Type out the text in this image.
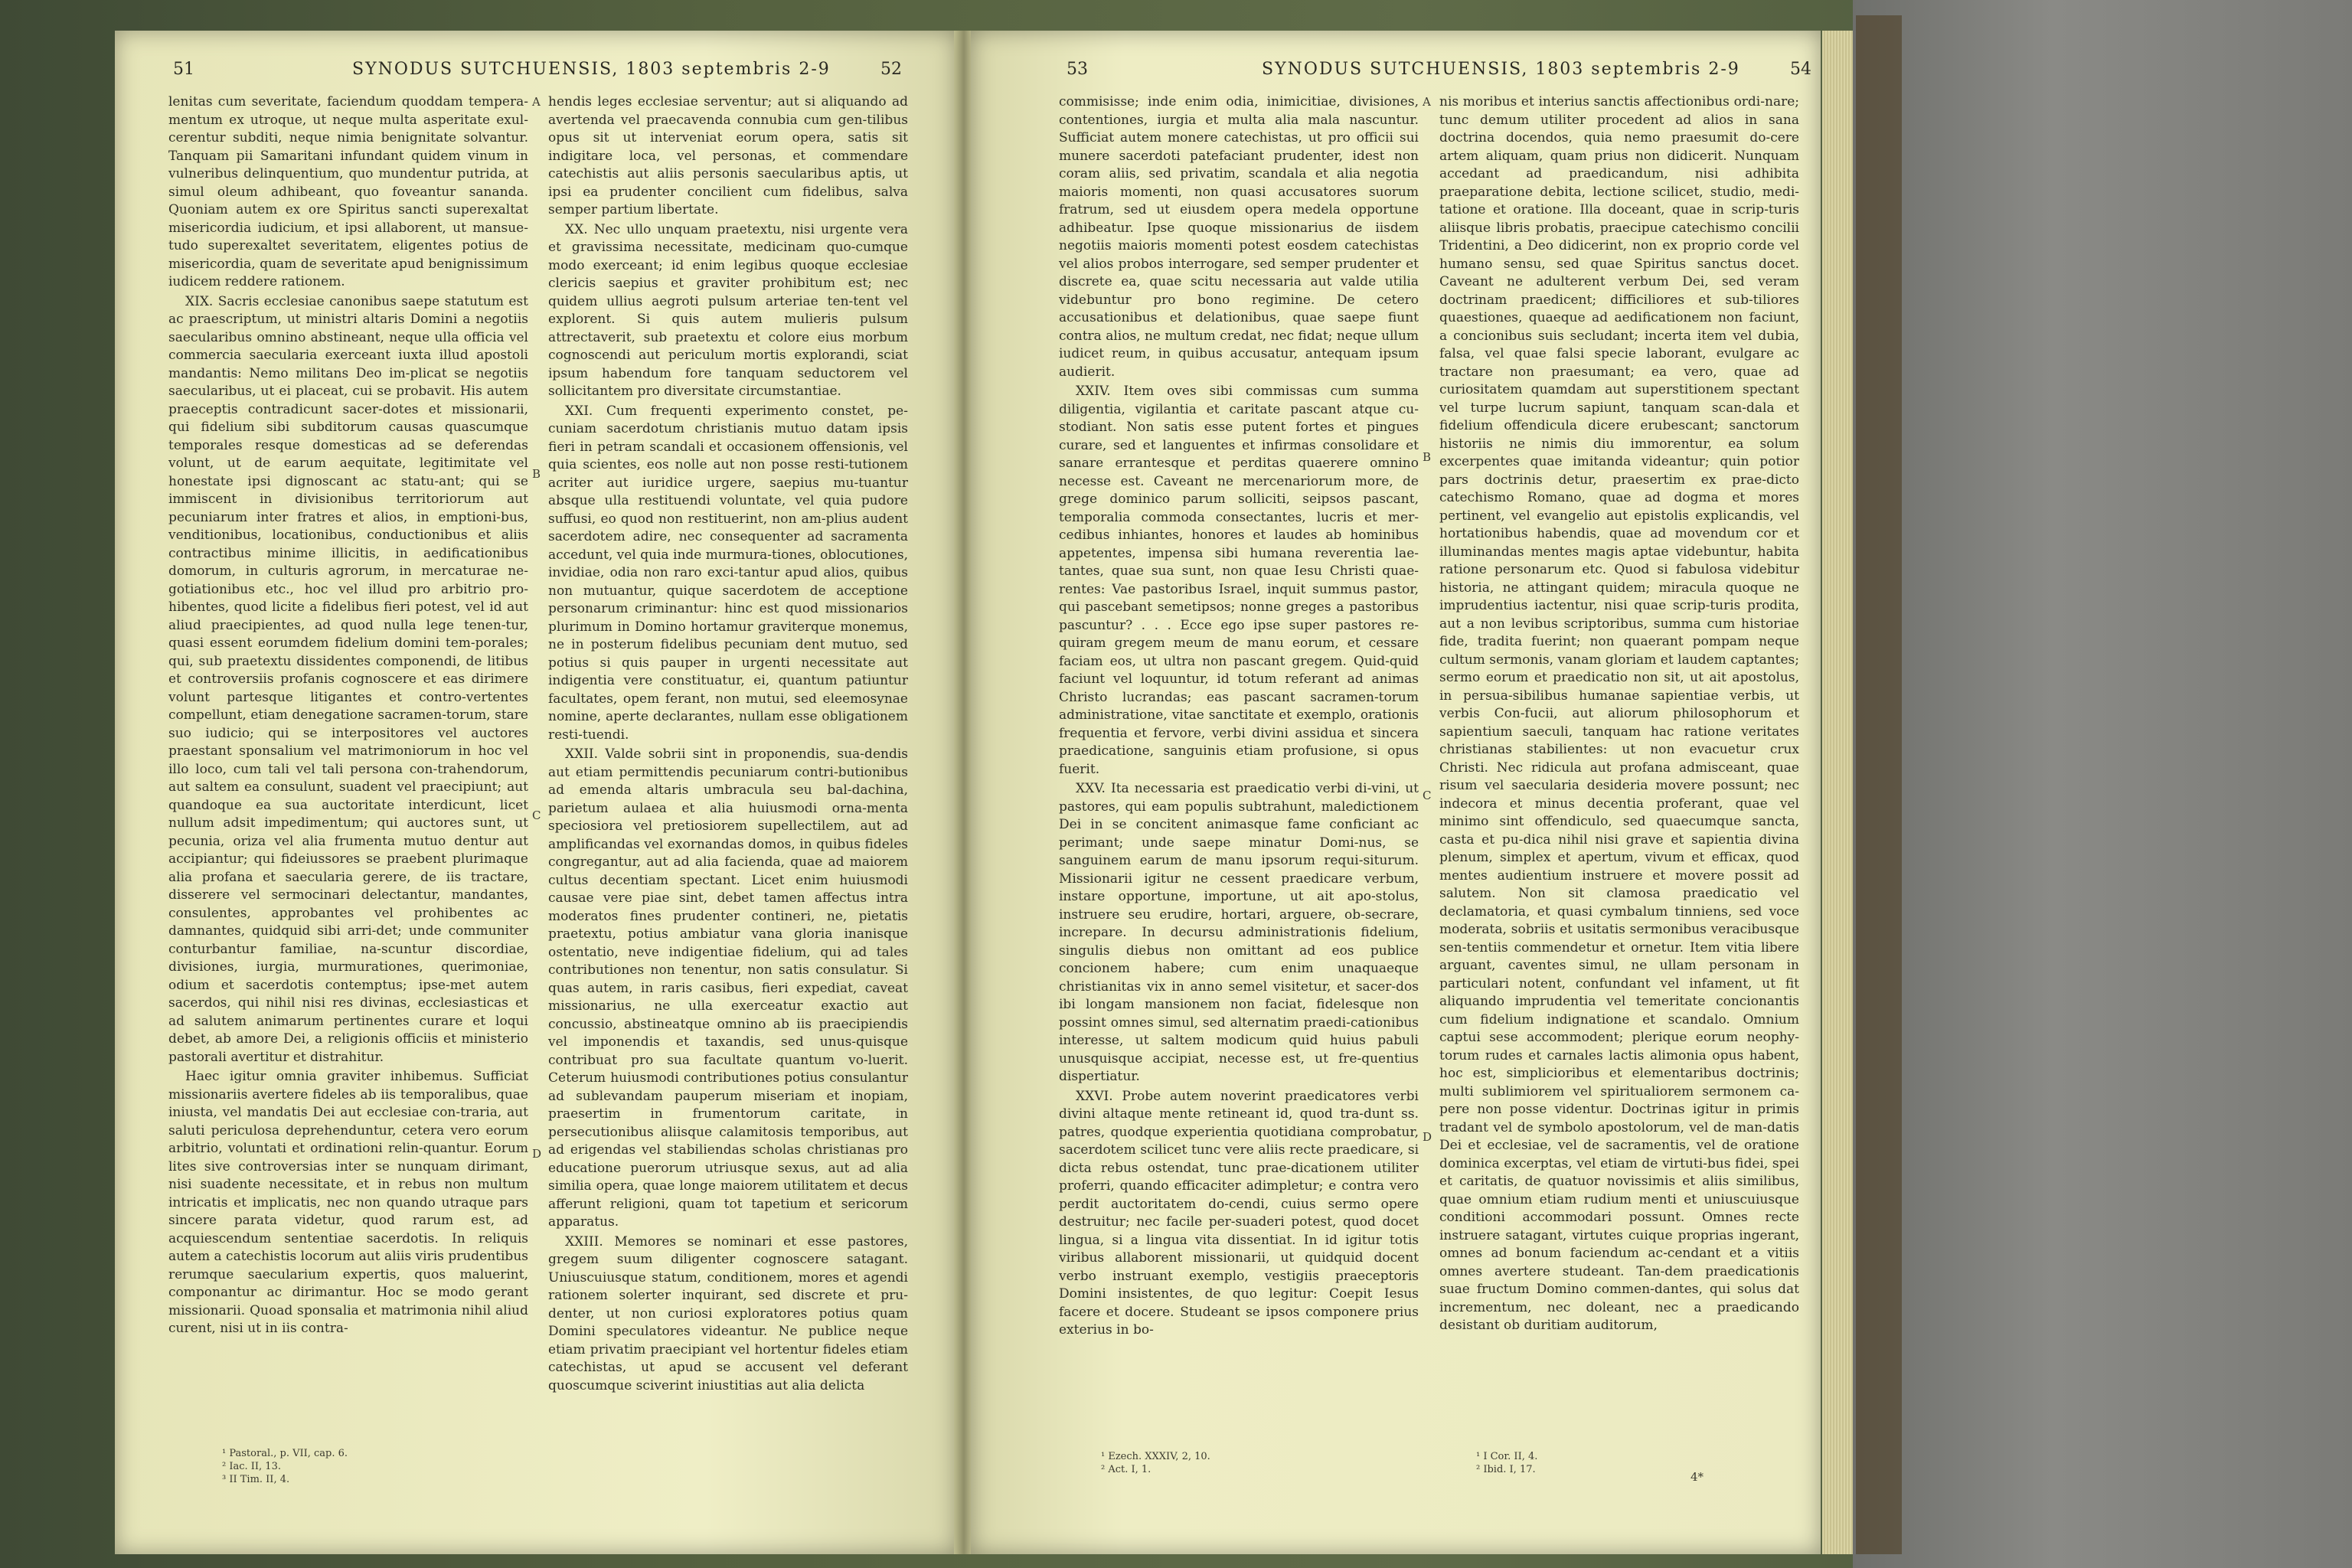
51	SYNODUS SUTCHUENSIS, 1803 septembris 2-9	52

lenitas cum severitate, faciendum quoddam tempera-mentum ex utroque, ut neque multa asperitate exul-cerentur subditi, neque nimia benignitate solvantur. Tanquam pii Samaritani infundant quidem vinum in vulneribus delinquentium, quo mundentur putrida, at simul oleum adhibeant, quo foveantur sananda. Quoniam autem ex ore Spiritus sancti superexaltat misericordia iudicium, et ipsi allaborent, ut mansue-tudo superexaltet severitatem, eligentes potius de misericordia, quam de severitate apud benignissimum iudicem reddere rationem.

XIX. Sacris ecclesiae canonibus saepe statutum est ac praescriptum, ut ministri altaris Domini a negotiis saecularibus omnino abstineant, neque ulla officia vel commercia saecularia exerceant iuxta illud apostoli mandantis: Nemo militans Deo im-plicat se negotiis saecularibus, ut ei placeat, cui se probavit. His autem praeceptis contradicunt sacer-dotes et missionarii, qui fidelium sibi subditorum causas quascumque temporales resque domesticas ad se deferendas volunt, ut de earum aequitate, legitimitate vel honestate ipsi dignoscant ac statu-ant; qui se immiscent in divisionibus territoriorum aut pecuniarum inter fratres et alios, in emptioni-bus, venditionibus, locationibus, conductionibus et aliis contractibus minime illicitis, in aedificationibus domorum, in culturis agrorum, in mercaturae ne-gotiationibus etc., hoc vel illud pro arbitrio pro-hibentes, quod licite a fidelibus fieri potest, vel id aut aliud praecipientes, ad quod nulla lege tenen-tur, quasi essent eorumdem fidelium domini tem-porales; qui, sub praetextu dissidentes componendi, de litibus et controversiis profanis cognoscere et eas dirimere volunt partesque litigantes et contro-vertentes compellunt, etiam denegatione sacramen-torum, stare suo iudicio; qui se interpositores vel auctores praestant sponsalium vel matrimoniorum in hoc vel illo loco, cum tali vel tali persona con-trahendorum, aut saltem ea consulunt, suadent vel praecipiunt; aut quandoque ea sua auctoritate interdicunt, licet nullum adsit impedimentum; qui auctores sunt, ut pecunia, oriza vel alia frumenta mutuo dentur aut accipiantur; qui fideiussores se praebent plurimaque alia profana et saecularia gerere, de iis tractare, disserere vel sermocinari delectantur, mandantes, consulentes, approbantes vel prohibentes ac damnantes, quidquid sibi arri-det; unde communiter conturbantur familiae, na-scuntur discordiae, divisiones, iurgia, murmurationes, querimoniae, odium et sacerdotis contemptus; ipse-met autem sacerdos, qui nihil nisi res divinas, ecclesiasticas et ad salutem animarum pertinentes curare et loqui debet, ab amore Dei, a religionis officiis et ministerio pastorali avertitur et distrahitur.

Haec igitur omnia graviter inhibemus. Sufficiat missionariis avertere fideles ab iis temporalibus, quae iniusta, vel mandatis Dei aut ecclesiae con-traria, aut saluti periculosa deprehenduntur, cetera vero eorum arbitrio, voluntati et ordinationi relin-quantur. Eorum lites sive controversias inter se nunquam dirimant, nisi suadente necessitate, et in rebus non multum intricatis et implicatis, nec non quando utraque pars sincere parata videtur, quod rarum est, ad acquiescendum sententiae sacerdotis. In reliquis autem a catechistis locorum aut aliis viris prudentibus rerumque saecularium expertis, quos maluerint, componantur ac dirimantur. Hoc se modo gerant missionarii. Quoad sponsalia et matrimonia nihil aliud curent, nisi ut in iis contra-

hendis leges ecclesiae serventur; aut si aliquando ad avertenda vel praecavenda connubia cum gen-tilibus opus sit ut interveniat eorum opera, satis sit indigitare loca, vel personas, et commendare catechistis aut aliis personis saecularibus aptis, ut ipsi ea prudenter concilient cum fidelibus, salva semper partium libertate.

XX. Nec ullo unquam praetextu, nisi urgente vera et gravissima necessitate, medicinam quo-cumque modo exerceant; id enim legibus quoque ecclesiae clericis saepius et graviter prohibitum est; nec quidem ullius aegroti pulsum arteriae ten-tent vel explorent. Si quis autem mulieris pulsum attrectaverit, sub praetextu et colore eius morbum cognoscendi aut periculum mortis explorandi, sciat ipsum habendum fore tanquam seductorem vel sollicitantem pro diversitate circumstantiae.

XXI. Cum frequenti experimento constet, pe-cuniam sacerdotum christianis mutuo datam ipsis fieri in petram scandali et occasionem offensionis, vel quia scientes, eos nolle aut non posse resti-tutionem acriter aut iuridice urgere, saepius mu-tuantur absque ulla restituendi voluntate, vel quia pudore suffusi, eo quod non restituerint, non am-plius audent sacerdotem adire, nec consequenter ad sacramenta accedunt, vel quia inde murmura-tiones, oblocutiones, invidiae, odia non raro exci-tantur apud alios, quibus non mutuantur, quique sacerdotem de acceptione personarum criminantur: hinc est quod missionarios plurimum in Domino hortamur graviterque monemus, ne in posterum fidelibus pecuniam dent mutuo, sed potius si quis pauper in urgenti necessitate aut indigentia vere constituatur, ei, quantum patiuntur facultates, opem ferant, non mutui, sed eleemosynae nomine, aperte declarantes, nullam esse obligationem resti-tuendi.

XXII. Valde sobrii sint in proponendis, sua-dendis aut etiam permittendis pecuniarum contri-butionibus ad emenda altaris umbracula seu bal-dachina, parietum aulaea et alia huiusmodi orna-menta speciosiora vel pretiosiorem supellectilem, aut ad amplificandas vel exornandas domos, in quibus fideles congregantur, aut ad alia facienda, quae ad maiorem cultus decentiam spectant. Licet enim huiusmodi causae vere piae sint, debet tamen affectus intra moderatos fines prudenter contineri, ne, pietatis praetextu, potius ambiatur vana gloria inanisque ostentatio, neve indigentiae fidelium, qui ad tales contributiones non tenentur, non satis consulatur. Si quas autem, in raris casibus, fieri expediat, caveat missionarius, ne ulla exerceatur exactio aut concussio, abstineatque omnino ab iis praecipiendis vel imponendis et taxandis, sed unus-quisque contribuat pro sua facultate quantum vo-luerit. Ceterum huiusmodi contributiones potius consulantur ad sublevandam pauperum miseriam et inopiam, praesertim in frumentorum caritate, in persecutionibus aliisque calamitosis temporibus, aut ad erigendas vel stabiliendas scholas christianas pro educatione puerorum utriusque sexus, aut ad alia similia opera, quae longe maiorem utilitatem et decus afferunt religioni, quam tot tapetium et sericorum apparatus.

XXIII. Memores se nominari et esse pastores, gregem suum diligenter cognoscere satagant. Uniuscuiusque statum, conditionem, mores et agendi rationem solerter inquirant, sed discrete et pru-denter, ut non curiosi exploratores potius quam Domini speculatores videantur. Ne publice neque etiam privatim praecipiant vel hortentur fideles etiam catechistas, ut apud se accusent vel deferant quoscumque sciverint iniustitias aut alia delicta

A
B
C
D
¹ Pastoral., p. VII, cap. 6.
² Iac. II, 13.
³ II Tim. II, 4.
53	SYNODUS SUTCHUENSIS, 1803 septembris 2-9	54

commisisse; inde enim odia, inimicitiae, divisiones, contentiones, iurgia et multa alia mala nascuntur. Sufficiat autem monere catechistas, ut pro officii sui munere sacerdoti patefaciant prudenter, idest non coram aliis, sed privatim, scandala et alia negotia maioris momenti, non quasi accusatores suorum fratrum, sed ut eiusdem opera medela opportune adhibeatur. Ipse quoque missionarius de iisdem negotiis maioris momenti potest eosdem catechistas vel alios probos interrogare, sed semper prudenter et discrete ea, quae scitu necessaria aut valde utilia videbuntur pro bono regimine. De cetero accusationibus et delationibus, quae saepe fiunt contra alios, ne multum credat, nec fidat; neque ullum iudicet reum, in quibus accusatur, antequam ipsum audierit.

XXIV. Item oves sibi commissas cum summa diligentia, vigilantia et caritate pascant atque cu-stodiant. Non satis esse putent fortes et pingues curare, sed et languentes et infirmas consolidare et sanare errantesque et perditas quaerere omnino necesse est. Caveant ne mercenariorum more, de grege dominico parum solliciti, seipsos pascant, temporalia commoda consectantes, lucris et mer-cedibus inhiantes, honores et laudes ab hominibus appetentes, impensa sibi humana reverentia lae-tantes, quae sua sunt, non quae Iesu Christi quae-rentes: Vae pastoribus Israel, inquit summus pastor, qui pascebant semetipsos; nonne greges a pastoribus pascuntur? . . . Ecce ego ipse super pastores re-quiram gregem meum de manu eorum, et cessare faciam eos, ut ultra non pascant gregem. Quid-quid faciunt vel loquuntur, id totum referant ad animas Christo lucrandas; eas pascant sacramen-torum administratione, vitae sanctitate et exemplo, orationis frequentia et fervore, verbi divini assidua et sincera praedicatione, sanguinis etiam profusione, si opus fuerit.

XXV. Ita necessaria est praedicatio verbi di-vini, ut pastores, qui eam populis subtrahunt, maledictionem Dei in se concitent animasque fame conficiant ac perimant; unde saepe minatur Domi-nus, se sanguinem earum de manu ipsorum requi-siturum. Missionarii igitur ne cessent praedicare verbum, instare opportune, importune, ut ait apo-stolus, instruere seu erudire, hortari, arguere, ob-secrare, increpare. In decursu administrationis fidelium, singulis diebus non omittant ad eos publice concionem habere; cum enim unaquaeque christianitas vix in anno semel visitetur, et sacer-dos ibi longam mansionem non faciat, fidelesque non possint omnes simul, sed alternatim praedi-cationibus interesse, ut saltem modicum quid huius pabuli unusquisque accipiat, necesse est, ut fre-quentius dispertiatur.

XXVI. Probe autem noverint praedicatores verbi divini altaque mente retineant id, quod tra-dunt ss. patres, quodque experientia quotidiana comprobatur, sacerdotem scilicet tunc vere aliis recte praedicare, si dicta rebus ostendat, tunc prae-dicationem utiliter proferri, quando efficaciter adimpletur; e contra vero perdit auctoritatem do-cendi, cuius sermo opere destruitur; nec facile per-suaderi potest, quod docet lingua, si a lingua vita dissentiat. In id igitur totis viribus allaborent missionarii, ut quidquid docent verbo instruant exemplo, vestigiis praeceptoris Domini insistentes, de quo legitur: Coepit Iesus facere et docere. Studeant se ipsos componere prius exterius in bo-

nis moribus et interius sanctis affectionibus ordi-nare; tunc demum utiliter procedent ad alios in sana doctrina docendos, quia nemo praesumit do-cere artem aliquam, quam prius non didicerit. Nunquam accedant ad praedicandum, nisi adhibita praeparatione debita, lectione scilicet, studio, medi-tatione et oratione. Illa doceant, quae in scrip-turis aliisque libris probatis, praecipue catechismo concilii Tridentini, a Deo didicerint, non ex proprio corde vel humano sensu, sed quae Spiritus sanctus docet. Caveant ne adulterent verbum Dei, sed veram doctrinam praedicent; difficiliores et sub-tiliores quaestiones, quaeque ad aedificationem non faciunt, a concionibus suis secludant; incerta item vel dubia, falsa, vel quae falsi specie laborant, evulgare ac tractare non praesumant; ea vero, quae ad curiositatem quamdam aut superstitionem spectant vel turpe lucrum sapiunt, tanquam scan-dala et fidelium offendicula dicere erubescant; sanctorum historiis ne nimis diu immorentur, ea solum excerpentes quae imitanda videantur; quin potior pars doctrinis detur, praesertim ex prae-dicto catechismo Romano, quae ad dogma et mores pertinent, vel evangelio aut epistolis explicandis, vel hortationibus habendis, quae ad movendum cor et illuminandas mentes magis aptae videbuntur, habita ratione personarum etc. Quod si fabulosa videbitur historia, ne attingant quidem; miracula quoque ne imprudentius iactentur, nisi quae scrip-turis prodita, aut a non levibus scriptoribus, summa cum historiae fide, tradita fuerint; non quaerant pompam neque cultum sermonis, vanam gloriam et laudem captantes; sermo eorum et praedicatio non sit, ut ait apostolus, in persua-sibilibus humanae sapientiae verbis, ut verbis Con-fucii, aut aliorum philosophorum et sapientium saeculi, tanquam hac ratione veritates christianas stabilientes: ut non evacuetur crux Christi. Nec ridicula aut profana admisceant, quae risum vel saecularia desideria movere possunt; nec indecora et minus decentia proferant, quae vel minimo sint offendiculo, sed quaecumque sancta, casta et pu-dica nihil nisi grave et sapientia divina plenum, simplex et apertum, vivum et efficax, quod mentes audientium instruere et movere possit ad salutem. Non sit clamosa praedicatio vel declamatoria, et quasi cymbalum tinniens, sed voce moderata, sobriis et usitatis sermonibus veracibusque sen-tentiis commendetur et ornetur. Item vitia libere arguant, caventes simul, ne ullam personam in particulari notent, confundant vel infament, ut fit aliquando imprudentia vel temeritate concionantis cum fidelium indignatione et scandalo. Omnium captui sese accommodent; plerique eorum neophy-torum rudes et carnales lactis alimonia opus habent, hoc est, simplicioribus et elementaribus doctrinis; multi sublimiorem vel spiritualiorem sermonem ca-pere non posse videntur. Doctrinas igitur in primis tradant vel de symbolo apostolorum, vel de man-datis Dei et ecclesiae, vel de sacramentis, vel de oratione dominica excerptas, vel etiam de virtuti-bus fidei, spei et caritatis, de quatuor novissimis et aliis similibus, quae omnium etiam rudium menti et uniuscuiusque conditioni accommodari possunt. Omnes recte instruere satagant, virtutes cuique proprias ingerant, omnes ad bonum faciendum ac-cendant et a vitiis omnes avertere studeant. Tan-dem praedicationis suae fructum Domino commen-dantes, qui solus dat incrementum, nec doleant, nec a praedicando desistant ob duritiam auditorum,

A
B
C
D
¹ Ezech. XXXIV, 2, 10.
² Act. I, 1.
¹ I Cor. II, 4.
² Ibid. I, 17.
4*
